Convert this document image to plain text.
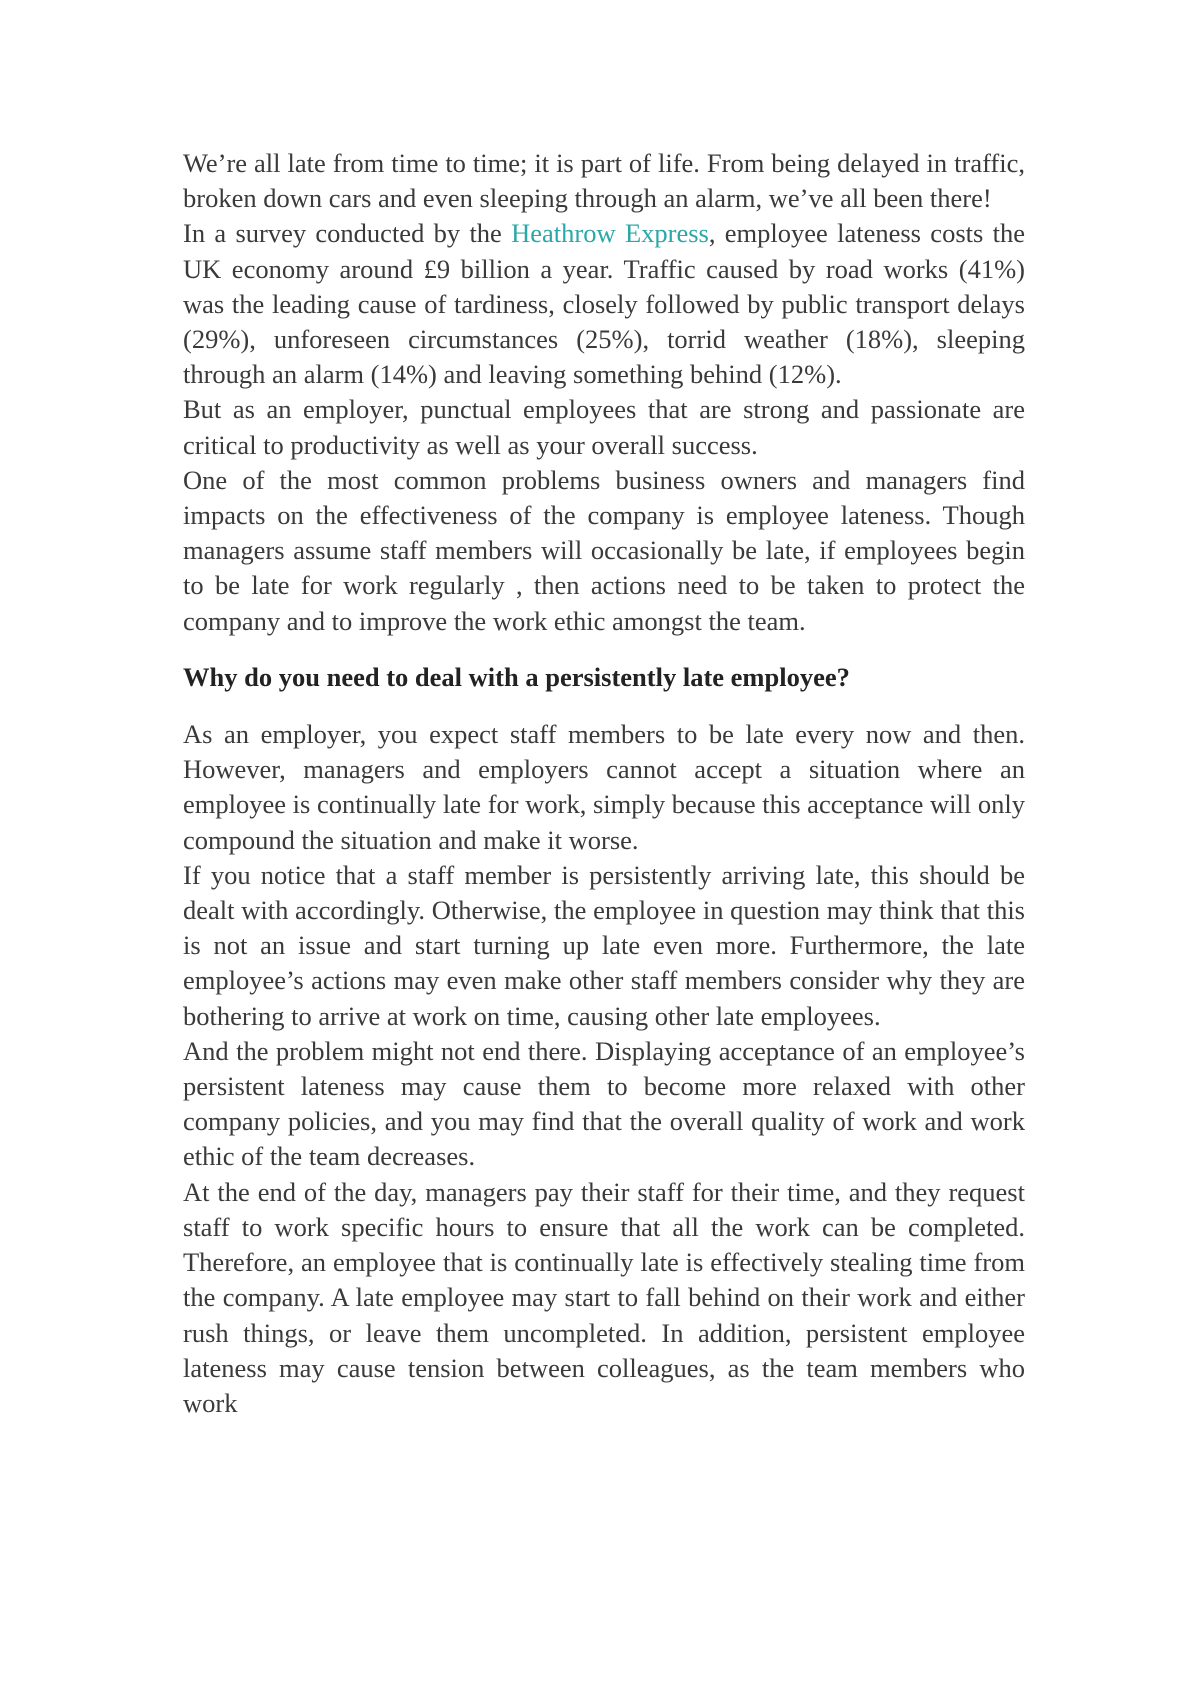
We’re all late from time to time; it is part of life. From being delayed in traffic, broken down cars and even sleeping through an alarm, we’ve all been there!

In a survey conducted by the Heathrow Express, employee lateness costs the UK economy around £9 billion a year. Traffic caused by road works (41%) was the leading cause of tardiness, closely followed by public transport delays (29%), unforeseen circumstances (25%), torrid weather (18%), sleeping through an alarm (14%) and leaving something behind (12%).

But as an employer, punctual employees that are strong and passionate are critical to productivity as well as your overall success.

One of the most common problems business owners and managers find impacts on the effectiveness of the company is employee lateness. Though managers assume staff members will occasionally be late, if employees begin to be late for work regularly , then actions need to be taken to protect the company and to improve the work ethic amongst the team.

Why do you need to deal with a persistently late employee?

As an employer, you expect staff members to be late every now and then. However, managers and employers cannot accept a situation where an employee is continually late for work, simply because this acceptance will only compound the situation and make it worse.

If you notice that a staff member is persistently arriving late, this should be dealt with accordingly. Otherwise, the employee in question may think that this is not an issue and start turning up late even more. Furthermore, the late employee’s actions may even make other staff members consider why they are bothering to arrive at work on time, causing other late employees.

And the problem might not end there. Displaying acceptance of an employee’s persistent lateness may cause them to become more relaxed with other company policies, and you may find that the overall quality of work and work ethic of the team decreases.

At the end of the day, managers pay their staff for their time, and they request staff to work specific hours to ensure that all the work can be completed. Therefore, an employee that is continually late is effectively stealing time from the company. A late employee may start to fall behind on their work and either rush things, or leave them uncompleted. In addition, persistent employee lateness may cause tension between colleagues, as the team members who work
